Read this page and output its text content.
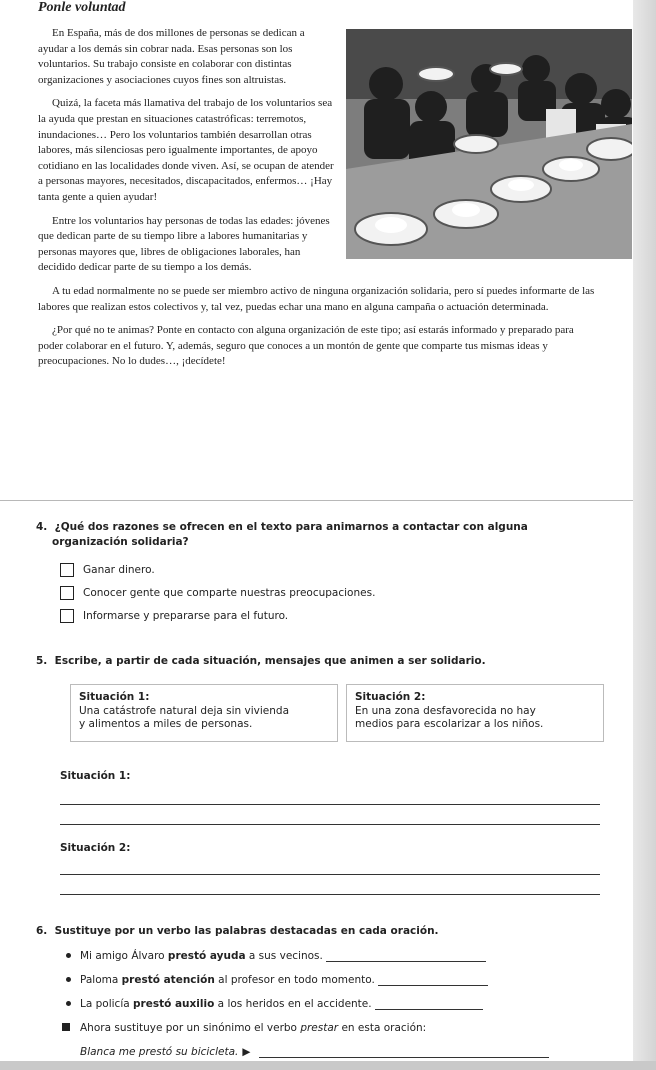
Ponle voluntad

En España, más de dos millones de personas se dedican a ayudar a los demás sin cobrar nada. Esas personas son los voluntarios. Su trabajo consiste en colaborar con distintas organizaciones y asociaciones cuyos fines son altruistas.

Quizá, la faceta más llamativa del trabajo de los voluntarios sea la ayuda que prestan en situaciones catastróficas: terremotos, inundaciones… Pero los voluntarios también desarrollan otras labores, más silenciosas pero igualmente importantes, de apoyo cotidiano en las localidades donde viven. Así, se ocupan de atender a personas mayores, necesitados, discapacitados, enfermos… ¡Hay tanta gente a quien ayudar!

Entre los voluntarios hay personas de todas las edades: jóvenes que dedican parte de su tiempo libre a labores humanitarias y personas mayores que, libres de obligaciones laborales, han decidido dedicar parte de su tiempo a los demás.

A tu edad normalmente no se puede ser miembro activo de ninguna organización solidaria, pero sí puedes informarte de las labores que realizan estos colectivos y, tal vez, puedas echar una mano en alguna campaña o actuación determinada.

¿Por qué no te animas? Ponte en contacto con alguna organización de este tipo; así estarás informado y preparado para poder colaborar en el futuro. Y, además, seguro que conoces a un montón de gente que comparte tus mismas ideas y preocupaciones. No lo dudes…, ¡decídete!

4. ¿Qué dos razones se ofrecen en el texto para animarnos a contactar con alguna
organización solidaria?
Ganar dinero.
Conocer gente que comparte nuestras preocupaciones.
Informarse y prepararse para el futuro.
5. Escribe, a partir de cada situación, mensajes que animen a ser solidario.
Situación 1:
Una catástrofe natural deja sin vivienda
y alimentos a miles de personas.
Situación 2:
En una zona desfavorecida no hay
medios para escolarizar a los niños.
Situación 1:
Situación 2:
6. Sustituye por un verbo las palabras destacadas en cada oración.
Mi amigo Álvaro prestó ayuda a sus vecinos.
Paloma prestó atención al profesor en todo momento.
La policía prestó auxilio a los heridos en el accidente.
Ahora sustituye por un sinónimo el verbo prestar en esta oración:
Blanca me prestó su bicicleta. ▶
